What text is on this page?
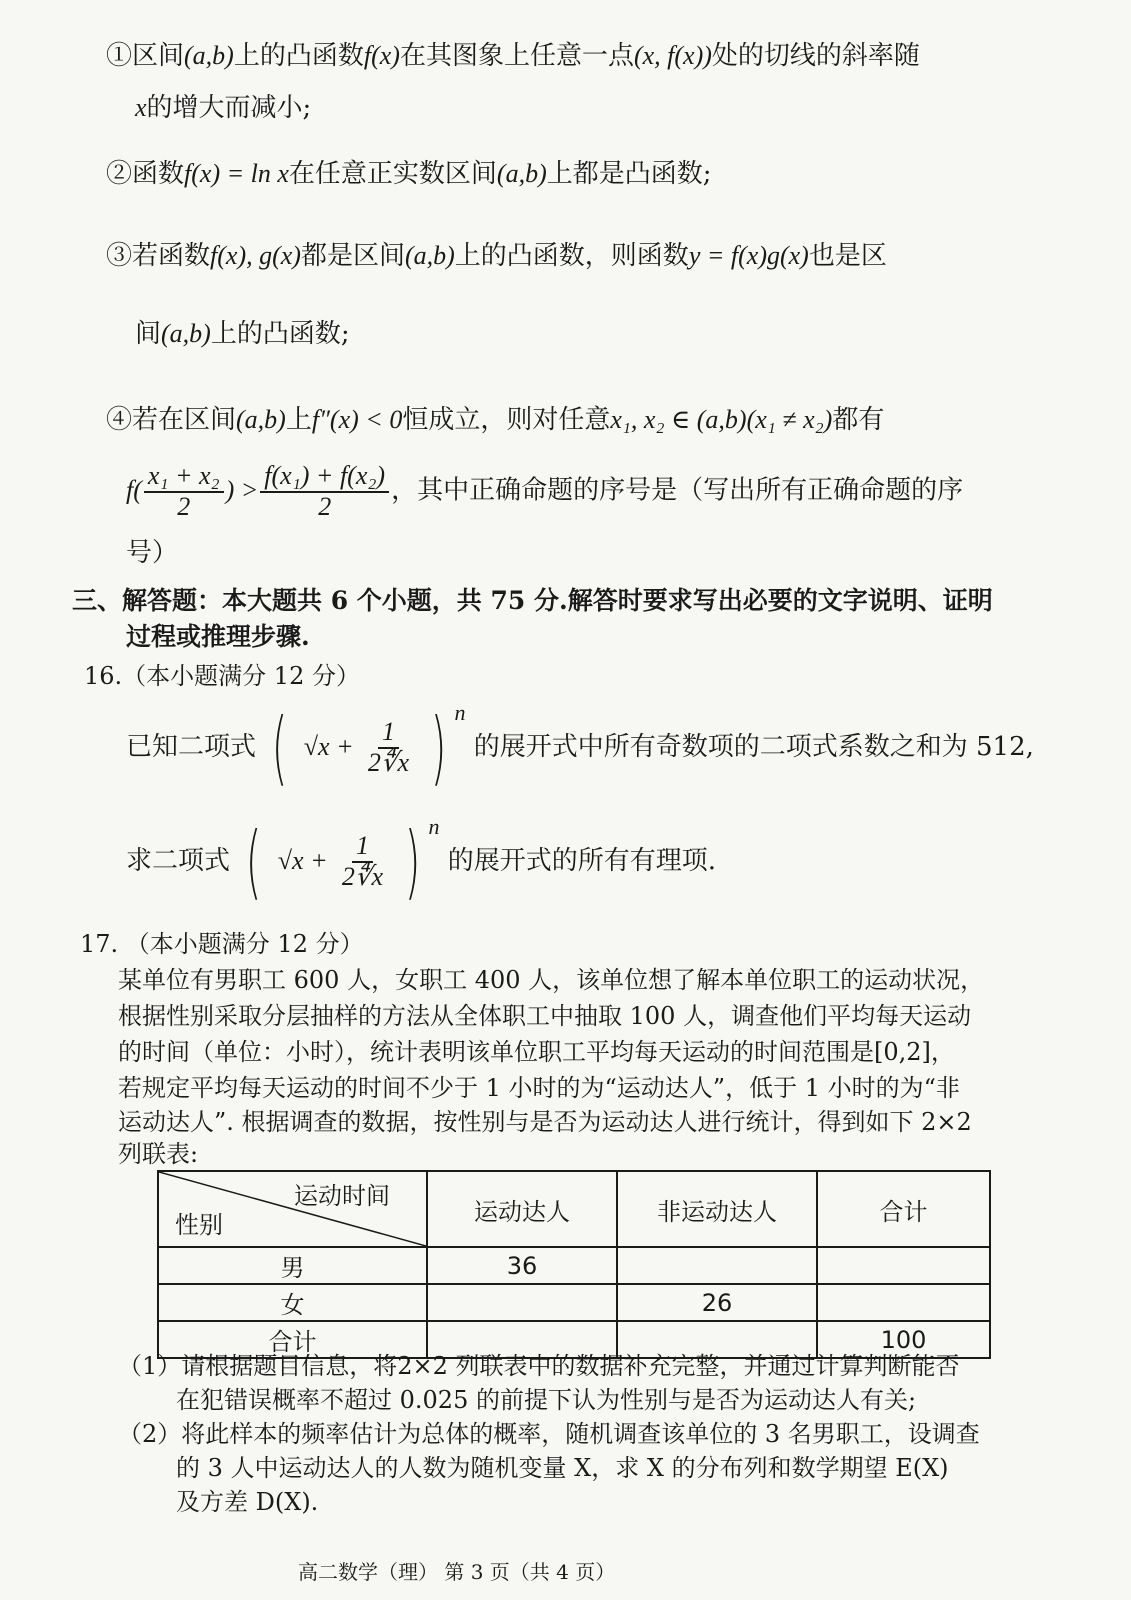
①区间(a,b)上的凸函数f(x)在其图象上任意一点(x, f(x))处的切线的斜率随
x的增大而减小;
②函数f(x) = ln x在任意正实数区间(a,b)上都是凸函数;
③若函数f(x), g(x)都是区间(a,b)上的凸函数，则函数y = f(x)g(x)也是区
间(a,b)上的凸函数;
④若在区间(a,b)上f″(x) < 0恒成立，则对任意x₁, x₂ ∈ (a,b)(x₁ ≠ x₂)都有
$f( \frac{\text{x₁ + x₂}}{2}$ ) > $\frac{\text{f(x₁) + f(x₂)}}{2}$ ，其中正确命题的序号是（写出所有正确命题的序
号）
三、解答题：本大题共 6 个小题，共 75 分.解答时要求写出必要的文字说明、证明
过程或推理步骤.
16.（本小题满分 12 分）
已知二项式 ( $√x + \frac{1}{2∜x}$ ) $^n$ 的展开式中所有奇数项的二项式系数之和为 512,
求二项式 ( $√x + \frac{1}{2∜x}$ ) $^n$ 的展开式的所有有理项.
17. （本小题满分 12 分）
某单位有男职工 600 人，女职工 400 人，该单位想了解本单位职工的运动状况，
根据性别采取分层抽样的方法从全体职工中抽取 100 人，调查他们平均每天运动
的时间（单位：小时），统计表明该单位职工平均每天运动的时间范围是[0,2]，
若规定平均每天运动的时间不少于 1 小时的为“运动达人”，低于 1 小时的为“非
运动达人”. 根据调查的数据，按性别与是否为运动达人进行统计，得到如下 2×2
列联表:
运动时间
性别	运动达人	非运动达人	合计
男	36		
女		26	
合计			100
（1）请根据题目信息，将2×2 列联表中的数据补充完整，并通过计算判断能否
在犯错误概率不超过 0.025 的前提下认为性别与是否为运动达人有关;
（2）将此样本的频率估计为总体的概率，随机调查该单位的 3 名男职工，设调查
的 3 人中运动达人的人数为随机变量 X，求 X 的分布列和数学期望 E(X)
及方差 D(X).
高二数学（理） 第 3 页（共 4 页）
